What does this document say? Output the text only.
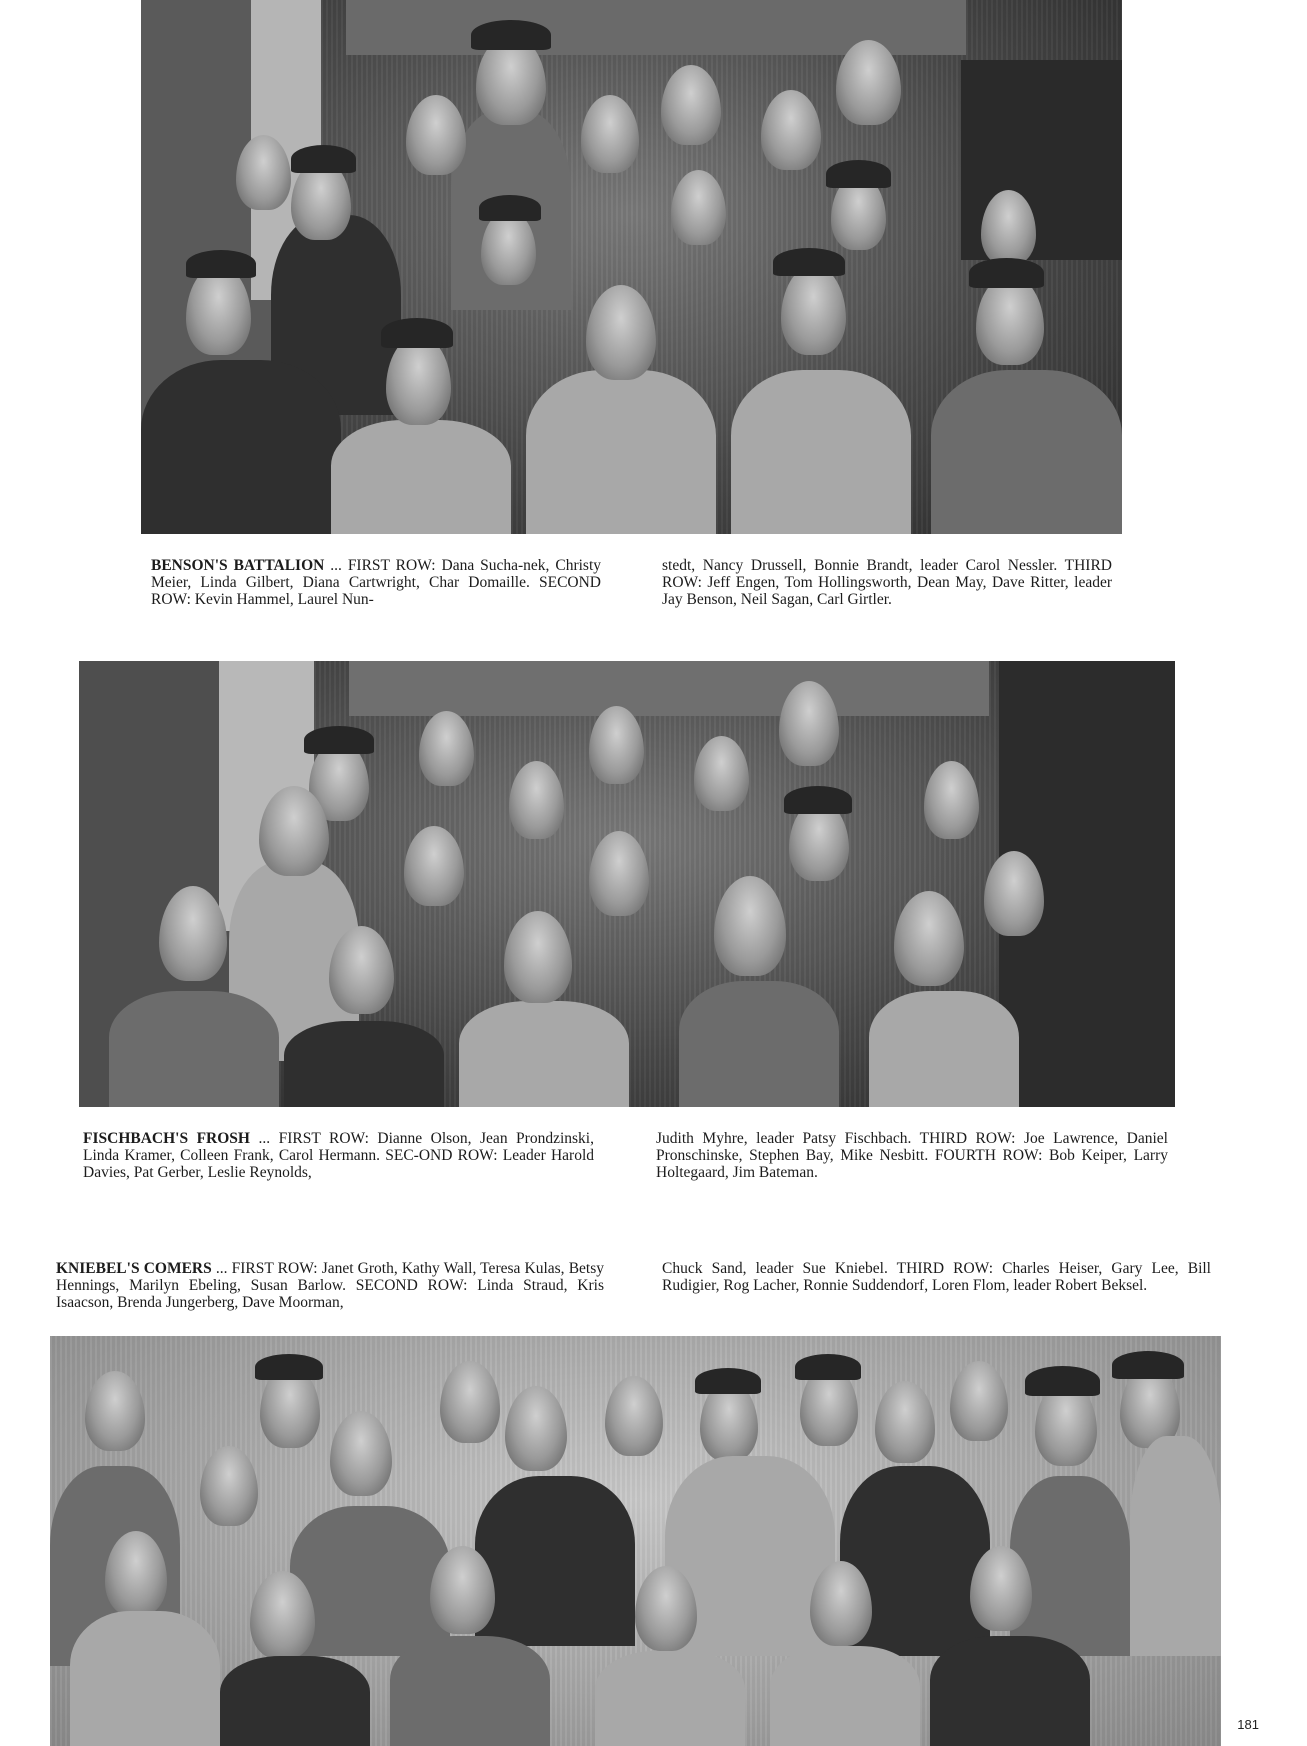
BENSON'S BATTALION ... FIRST ROW: Dana Sucha-nek, Christy Meier, Linda Gilbert, Diana Cartwright, Char Domaille. SECOND ROW: Kevin Hammel, Laurel Nun-
stedt, Nancy Drussell, Bonnie Brandt, leader Carol Nessler. THIRD ROW: Jeff Engen, Tom Hollingsworth, Dean May, Dave Ritter, leader Jay Benson, Neil Sagan, Carl Girtler.
FISCHBACH'S FROSH ... FIRST ROW: Dianne Olson, Jean Prondzinski, Linda Kramer, Colleen Frank, Carol Hermann. SEC-OND ROW: Leader Harold Davies, Pat Gerber, Leslie Reynolds,
Judith Myhre, leader Patsy Fischbach. THIRD ROW: Joe Lawrence, Daniel Pronschinske, Stephen Bay, Mike Nesbitt. FOURTH ROW: Bob Keiper, Larry Holtegaard, Jim Bateman.
KNIEBEL'S COMERS ... FIRST ROW: Janet Groth, Kathy Wall, Teresa Kulas, Betsy Hennings, Marilyn Ebeling, Susan Barlow. SECOND ROW: Linda Straud, Kris Isaacson, Brenda Jungerberg, Dave Moorman,
Chuck Sand, leader Sue Kniebel. THIRD ROW: Charles Heiser, Gary Lee, Bill Rudigier, Rog Lacher, Ronnie Suddendorf, Loren Flom, leader Robert Beksel.
181
